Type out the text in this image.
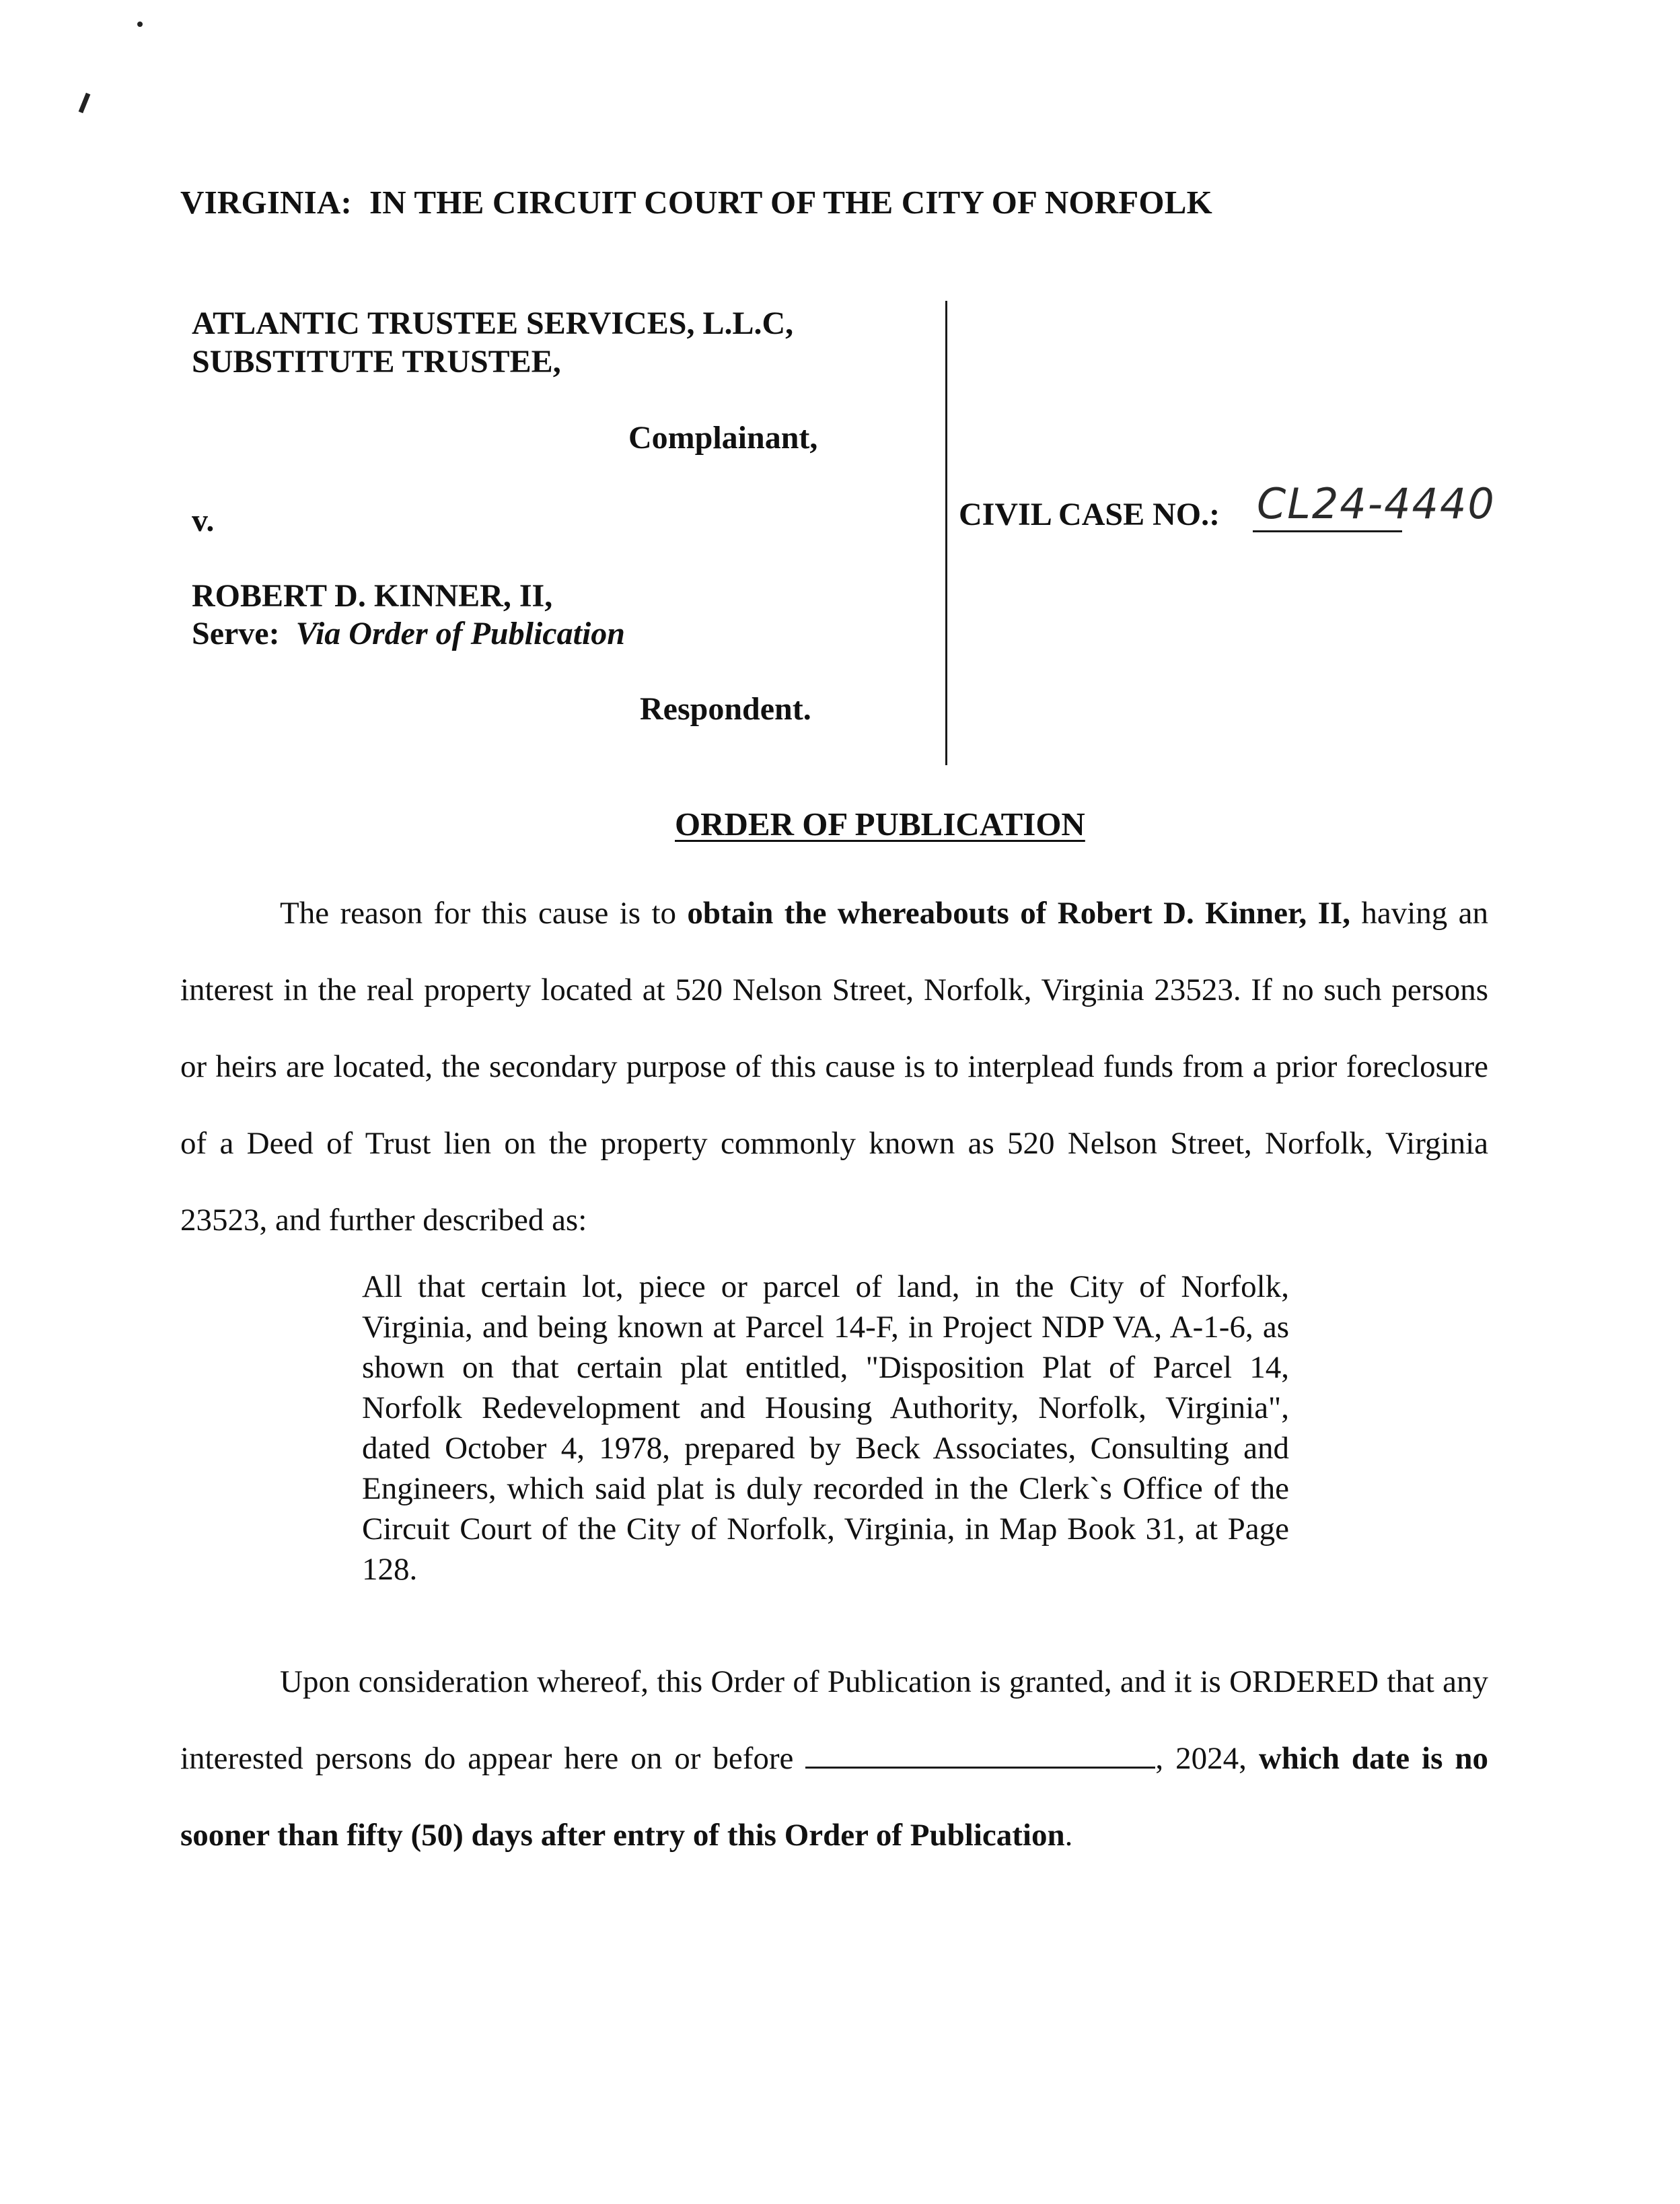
VIRGINIA: IN THE CIRCUIT COURT OF THE CITY OF NORFOLK
ATLANTIC TRUSTEE SERVICES, L.L.C,
SUBSTITUTE TRUSTEE,
Complainant,
v.
ROBERT D. KINNER, II,
Serve: Via Order of Publication
Respondent.
CIVIL CASE NO.: CL24-4440
ORDER OF PUBLICATION
The reason for this cause is to obtain the whereabouts of Robert D. Kinner, II, having an interest in the real property located at 520 Nelson Street, Norfolk, Virginia 23523. If no such persons or heirs are located, the secondary purpose of this cause is to interplead funds from a prior foreclosure of a Deed of Trust lien on the property commonly known as 520 Nelson Street, Norfolk, Virginia 23523, and further described as:
All that certain lot, piece or parcel of land, in the City of Norfolk, Virginia, and being known at Parcel 14-F, in Project NDP VA, A-1-6, as shown on that certain plat entitled, "Disposition Plat of Parcel 14, Norfolk Redevelopment and Housing Authority, Norfolk, Virginia", dated October 4, 1978, prepared by Beck Associates, Consulting and Engineers, which said plat is duly recorded in the Clerk`s Office of the Circuit Court of the City of Norfolk, Virginia, in Map Book 31, at Page 128.
Upon consideration whereof, this Order of Publication is granted, and it is ORDERED that any interested persons do appear here on or before	, 2024, which date is no sooner than fifty (50) days after entry of this Order of Publication.
